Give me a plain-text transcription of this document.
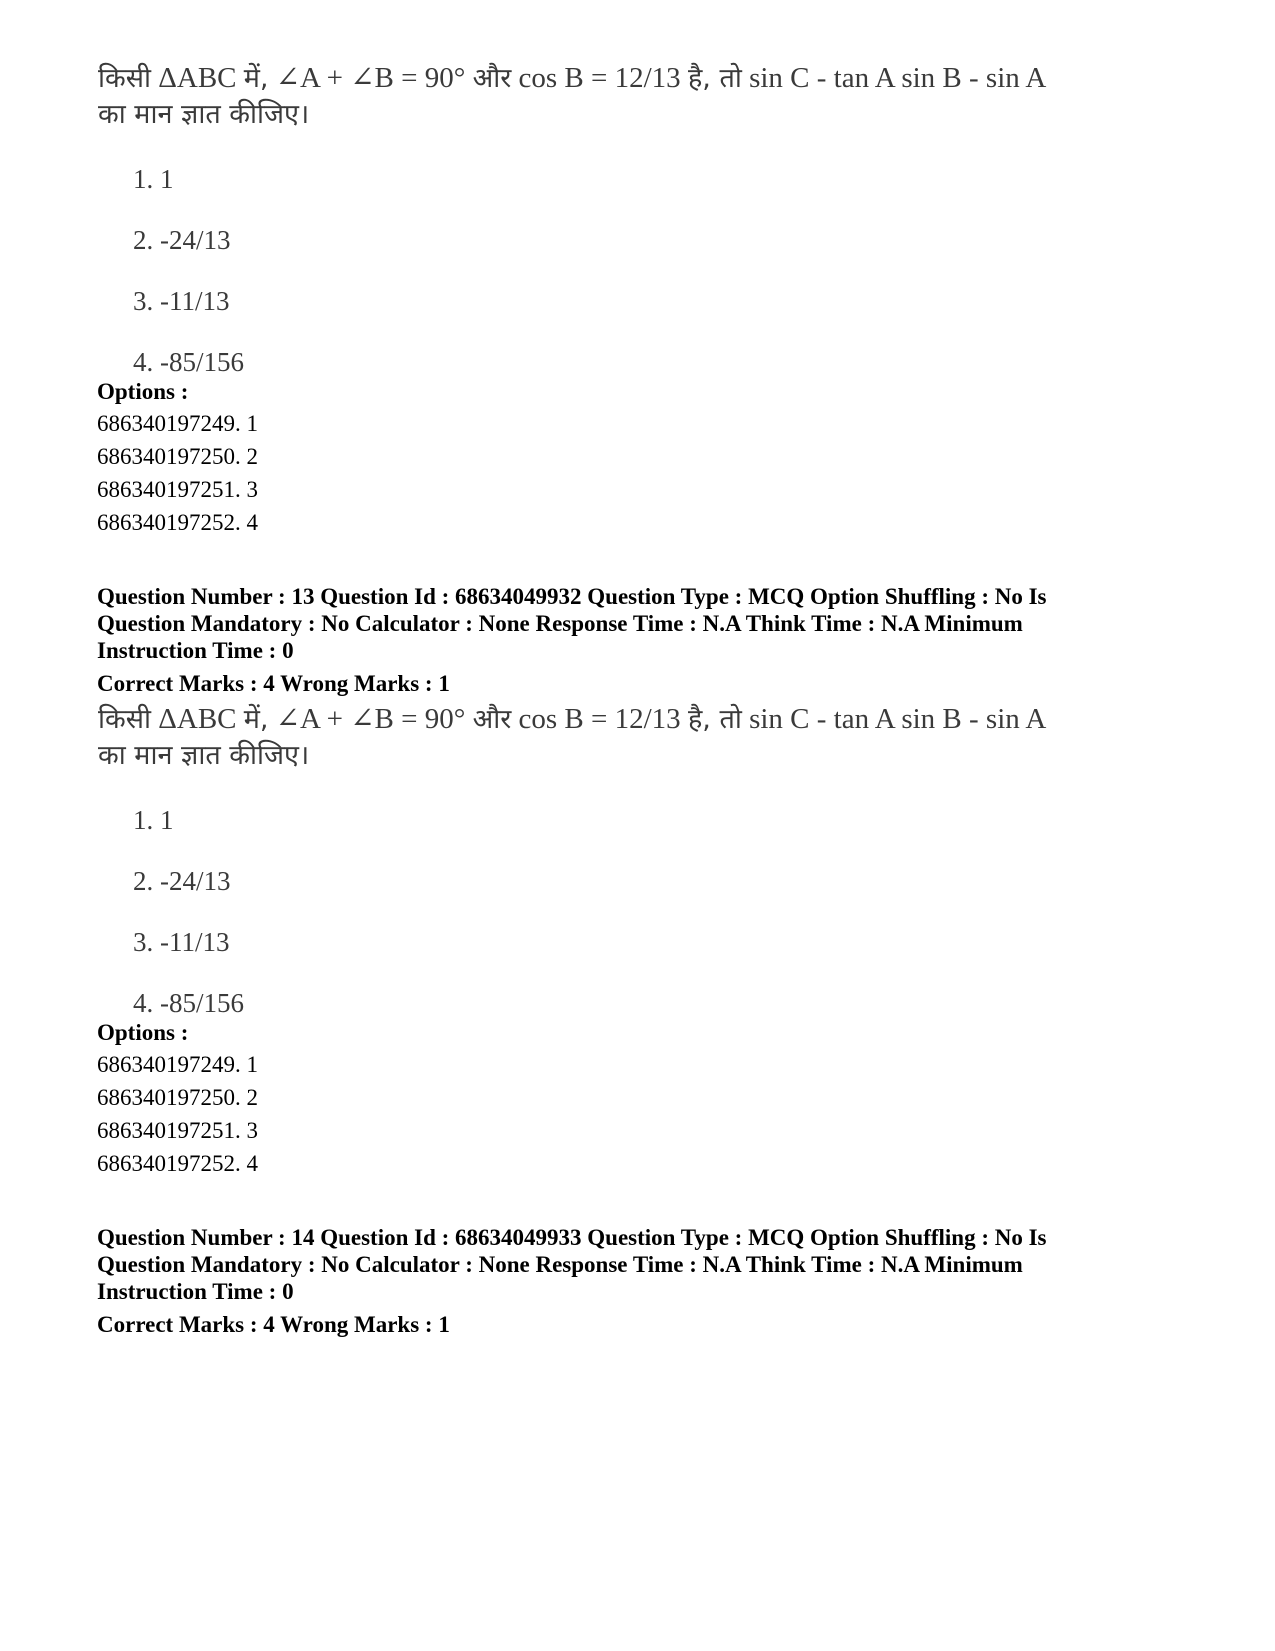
किसी ΔABC में, ∠A + ∠B = 90° और cos B = 12/13 है, तो sin C - tan A sin B - sin A
का मान ज्ञात कीजिए।
1. 1
2. -24/13
3. -11/13
4. -85/156
Options :
686340197249. 1
686340197250. 2
686340197251. 3
686340197252. 4
Question Number : 13 Question Id : 68634049932 Question Type : MCQ Option Shuffling : No Is
Question Mandatory : No Calculator : None Response Time : N.A Think Time : N.A Minimum
Instruction Time : 0
Correct Marks : 4 Wrong Marks : 1
किसी ΔABC में, ∠A + ∠B = 90° और cos B = 12/13 है, तो sin C - tan A sin B - sin A
का मान ज्ञात कीजिए।
1. 1
2. -24/13
3. -11/13
4. -85/156
Options :
686340197249. 1
686340197250. 2
686340197251. 3
686340197252. 4
Question Number : 14 Question Id : 68634049933 Question Type : MCQ Option Shuffling : No Is
Question Mandatory : No Calculator : None Response Time : N.A Think Time : N.A Minimum
Instruction Time : 0
Correct Marks : 4 Wrong Marks : 1
